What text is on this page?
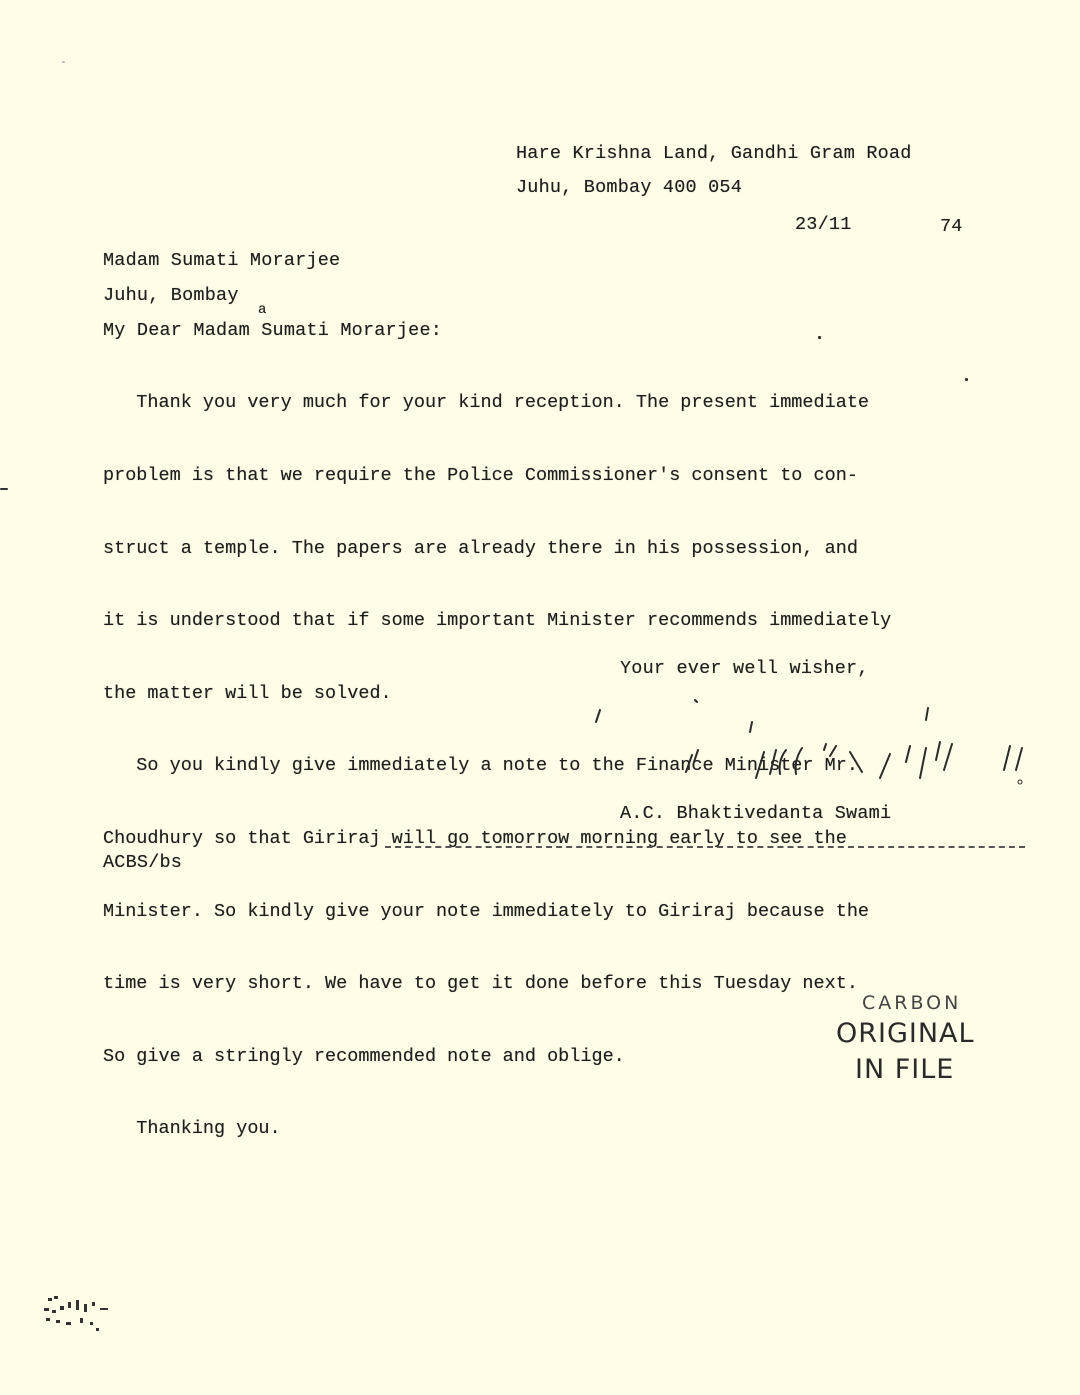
Hare Krishna Land, Gandhi Gram Road
Juhu, Bombay 400 054
23/11	74
Madam Sumati Morarjee
Juhu, Bombay
a
My Dear Madam Sumati Morarjee:

Thank you very much for your kind reception. The present immediate

problem is that we require the Police Commissioner's consent to con-

struct a temple. The papers are already there in his possession, and

it is understood that if some important Minister recommends immediately

the matter will be solved.

So you kindly give immediately a note to the Finance Minister Mr.

Choudhury so that Giriraj will go tomorrow morning early to see the

Minister. So kindly give your note immediately to Giriraj because the

time is very short. We have to get it done before this Tuesday next.

So give a stringly recommended note and oblige.

Thanking you.

Your ever well wisher,
A.C. Bhaktivedanta Swami
ACBS/bs
CARBON
ORIGINAL
IN FILE
